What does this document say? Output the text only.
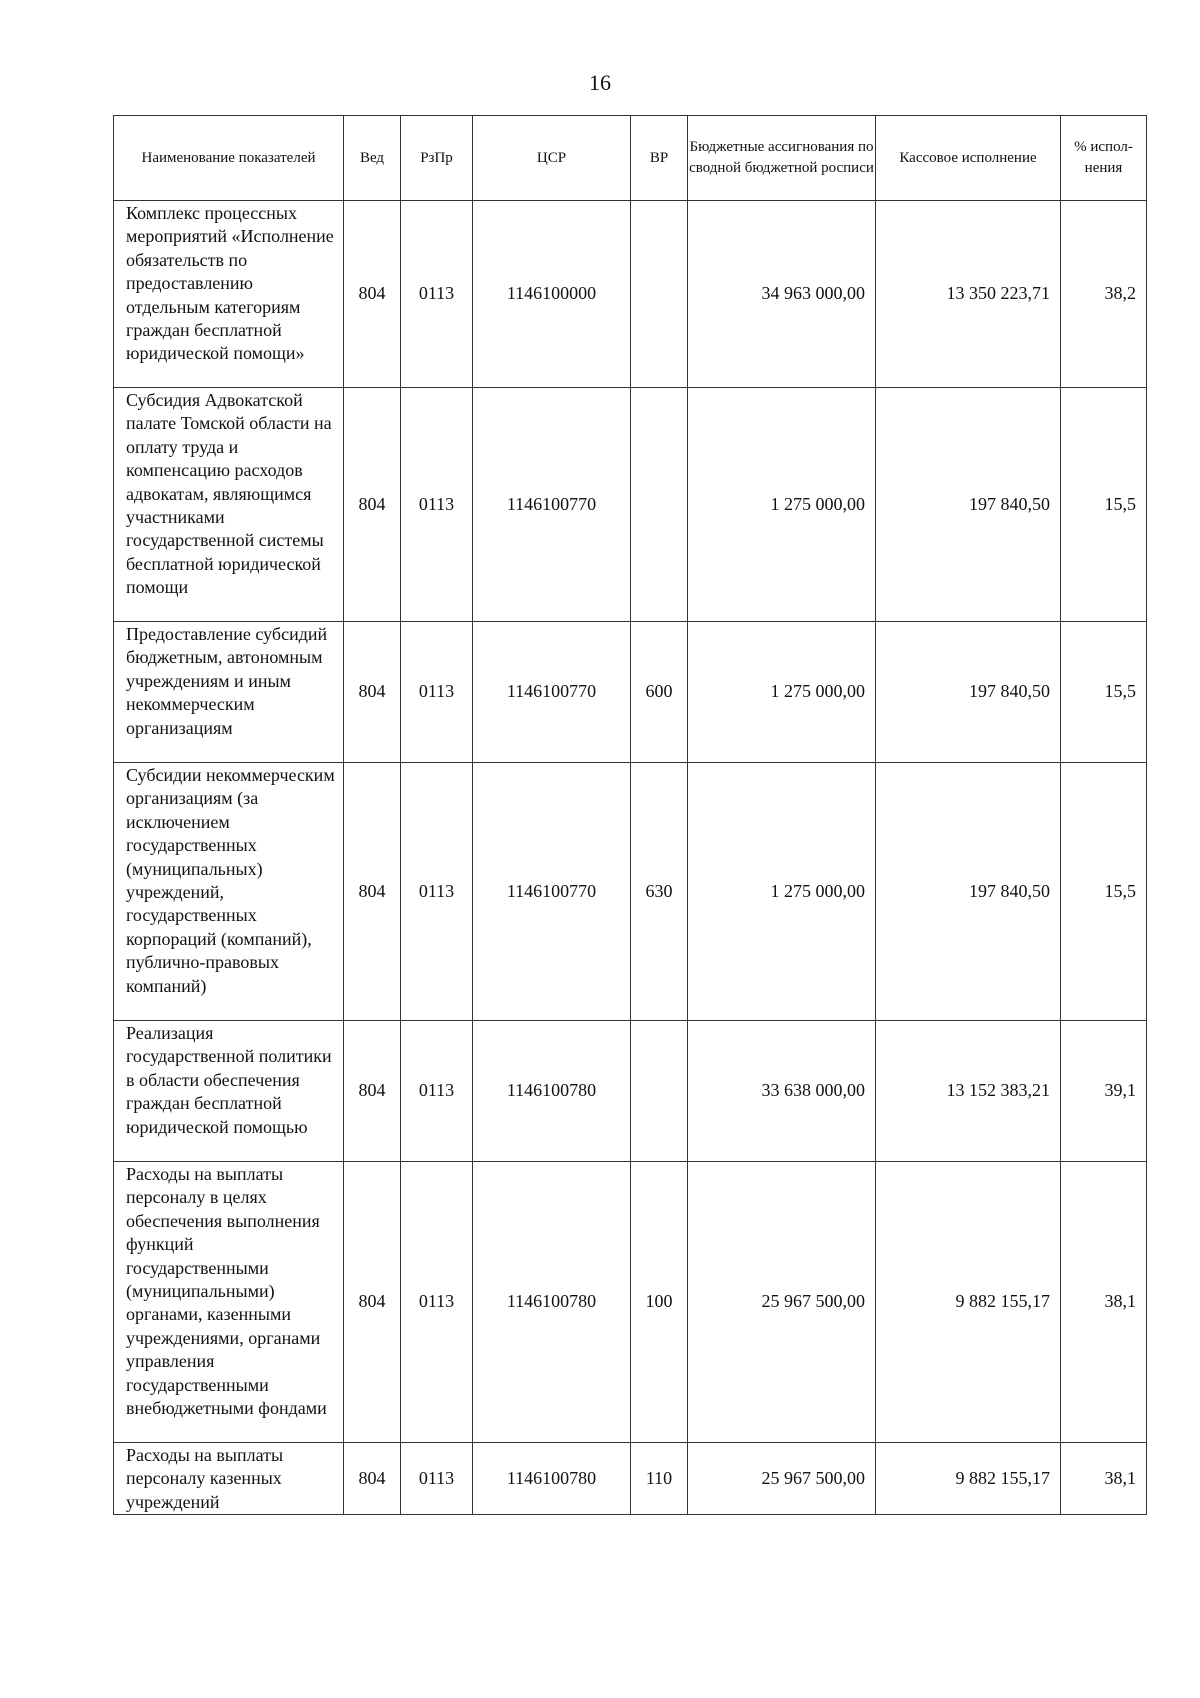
16
Наименование показателей	Вед	РзПр	ЦСР	ВР	Бюджетные ассигнования по сводной бюджетной росписи	Кассовое исполнение	% испол-нения
Комплекс процессных мероприятий «Исполнение обязательств по предоставлению отдельным категориям граждан бесплатной юридической помощи»	804	0113	1146100000		34 963 000,00	13 350 223,71	38,2
Субсидия Адвокатской палате Томской области на оплату труда и компенсацию расходов адвокатам, являющимся участниками государственной системы бесплатной юридической помощи	804	0113	1146100770		1 275 000,00	197 840,50	15,5
Предоставление субсидий бюджетным, автономным учреждениям и иным некоммерческим организациям	804	0113	1146100770	600	1 275 000,00	197 840,50	15,5
Субсидии некоммерческим организациям (за исключением государственных (муниципальных) учреждений, государственных корпораций (компаний), публично-правовых компаний)	804	0113	1146100770	630	1 275 000,00	197 840,50	15,5
Реализация государственной политики в области обеспечения граждан бесплатной юридической помощью	804	0113	1146100780		33 638 000,00	13 152 383,21	39,1
Расходы на выплаты персоналу в целях обеспечения выполнения функций государственными (муниципальными) органами, казенными учреждениями, органами управления государственными внебюджетными фондами	804	0113	1146100780	100	25 967 500,00	9 882 155,17	38,1
Расходы на выплаты персоналу казенных учреждений	804	0113	1146100780	110	25 967 500,00	9 882 155,17	38,1
